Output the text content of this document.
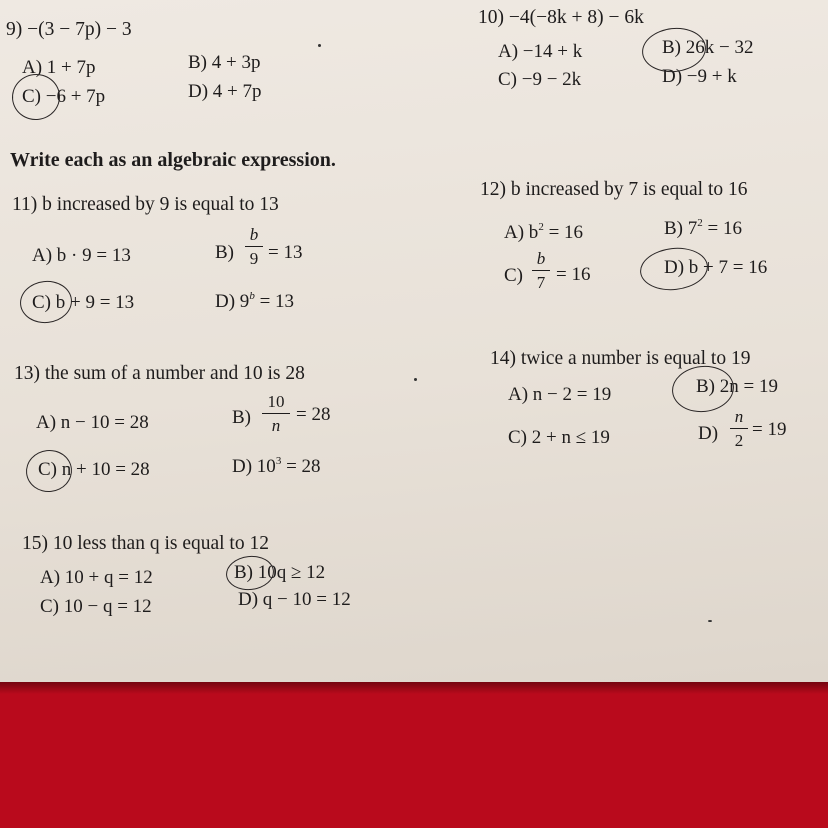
9) −(3 − 7p) − 3
A) 1 + 7p	B) 4 + 3p
C) −6 + 7p	D) 4 + 7p
10) −4(−8k + 8) − 6k
A) −14 + k	B) 26k − 32
C) −9 − 2k	D) −9 + k
Write each as an algebraic expression.
11) b increased by 9 is equal to 13
A) b · 9 = 13	B)
b
9 = 13
C) b + 9 = 13	D) $9^b = 13$
12) b increased by 7 is equal to 16
A) $b^2 = 16$	B) $7^2 = 16$
C)
b
7 = 16	D) b + 7 = 16
13) the sum of a number and 10 is 28
A) n − 10 = 28	B)
10
n
= 28
C) n + 10 = 28	D) $10^3 = 28$
14) twice a number is equal to 19
A) n − 2 = 19	B) 2n = 19
C) 2 + n ≤ 19	D)
n
2
= 19
15) 10 less than q is equal to 12
A) 10 + q = 12	B) 10q ≥ 12
C) 10 − q = 12	D) q − 10 = 12
